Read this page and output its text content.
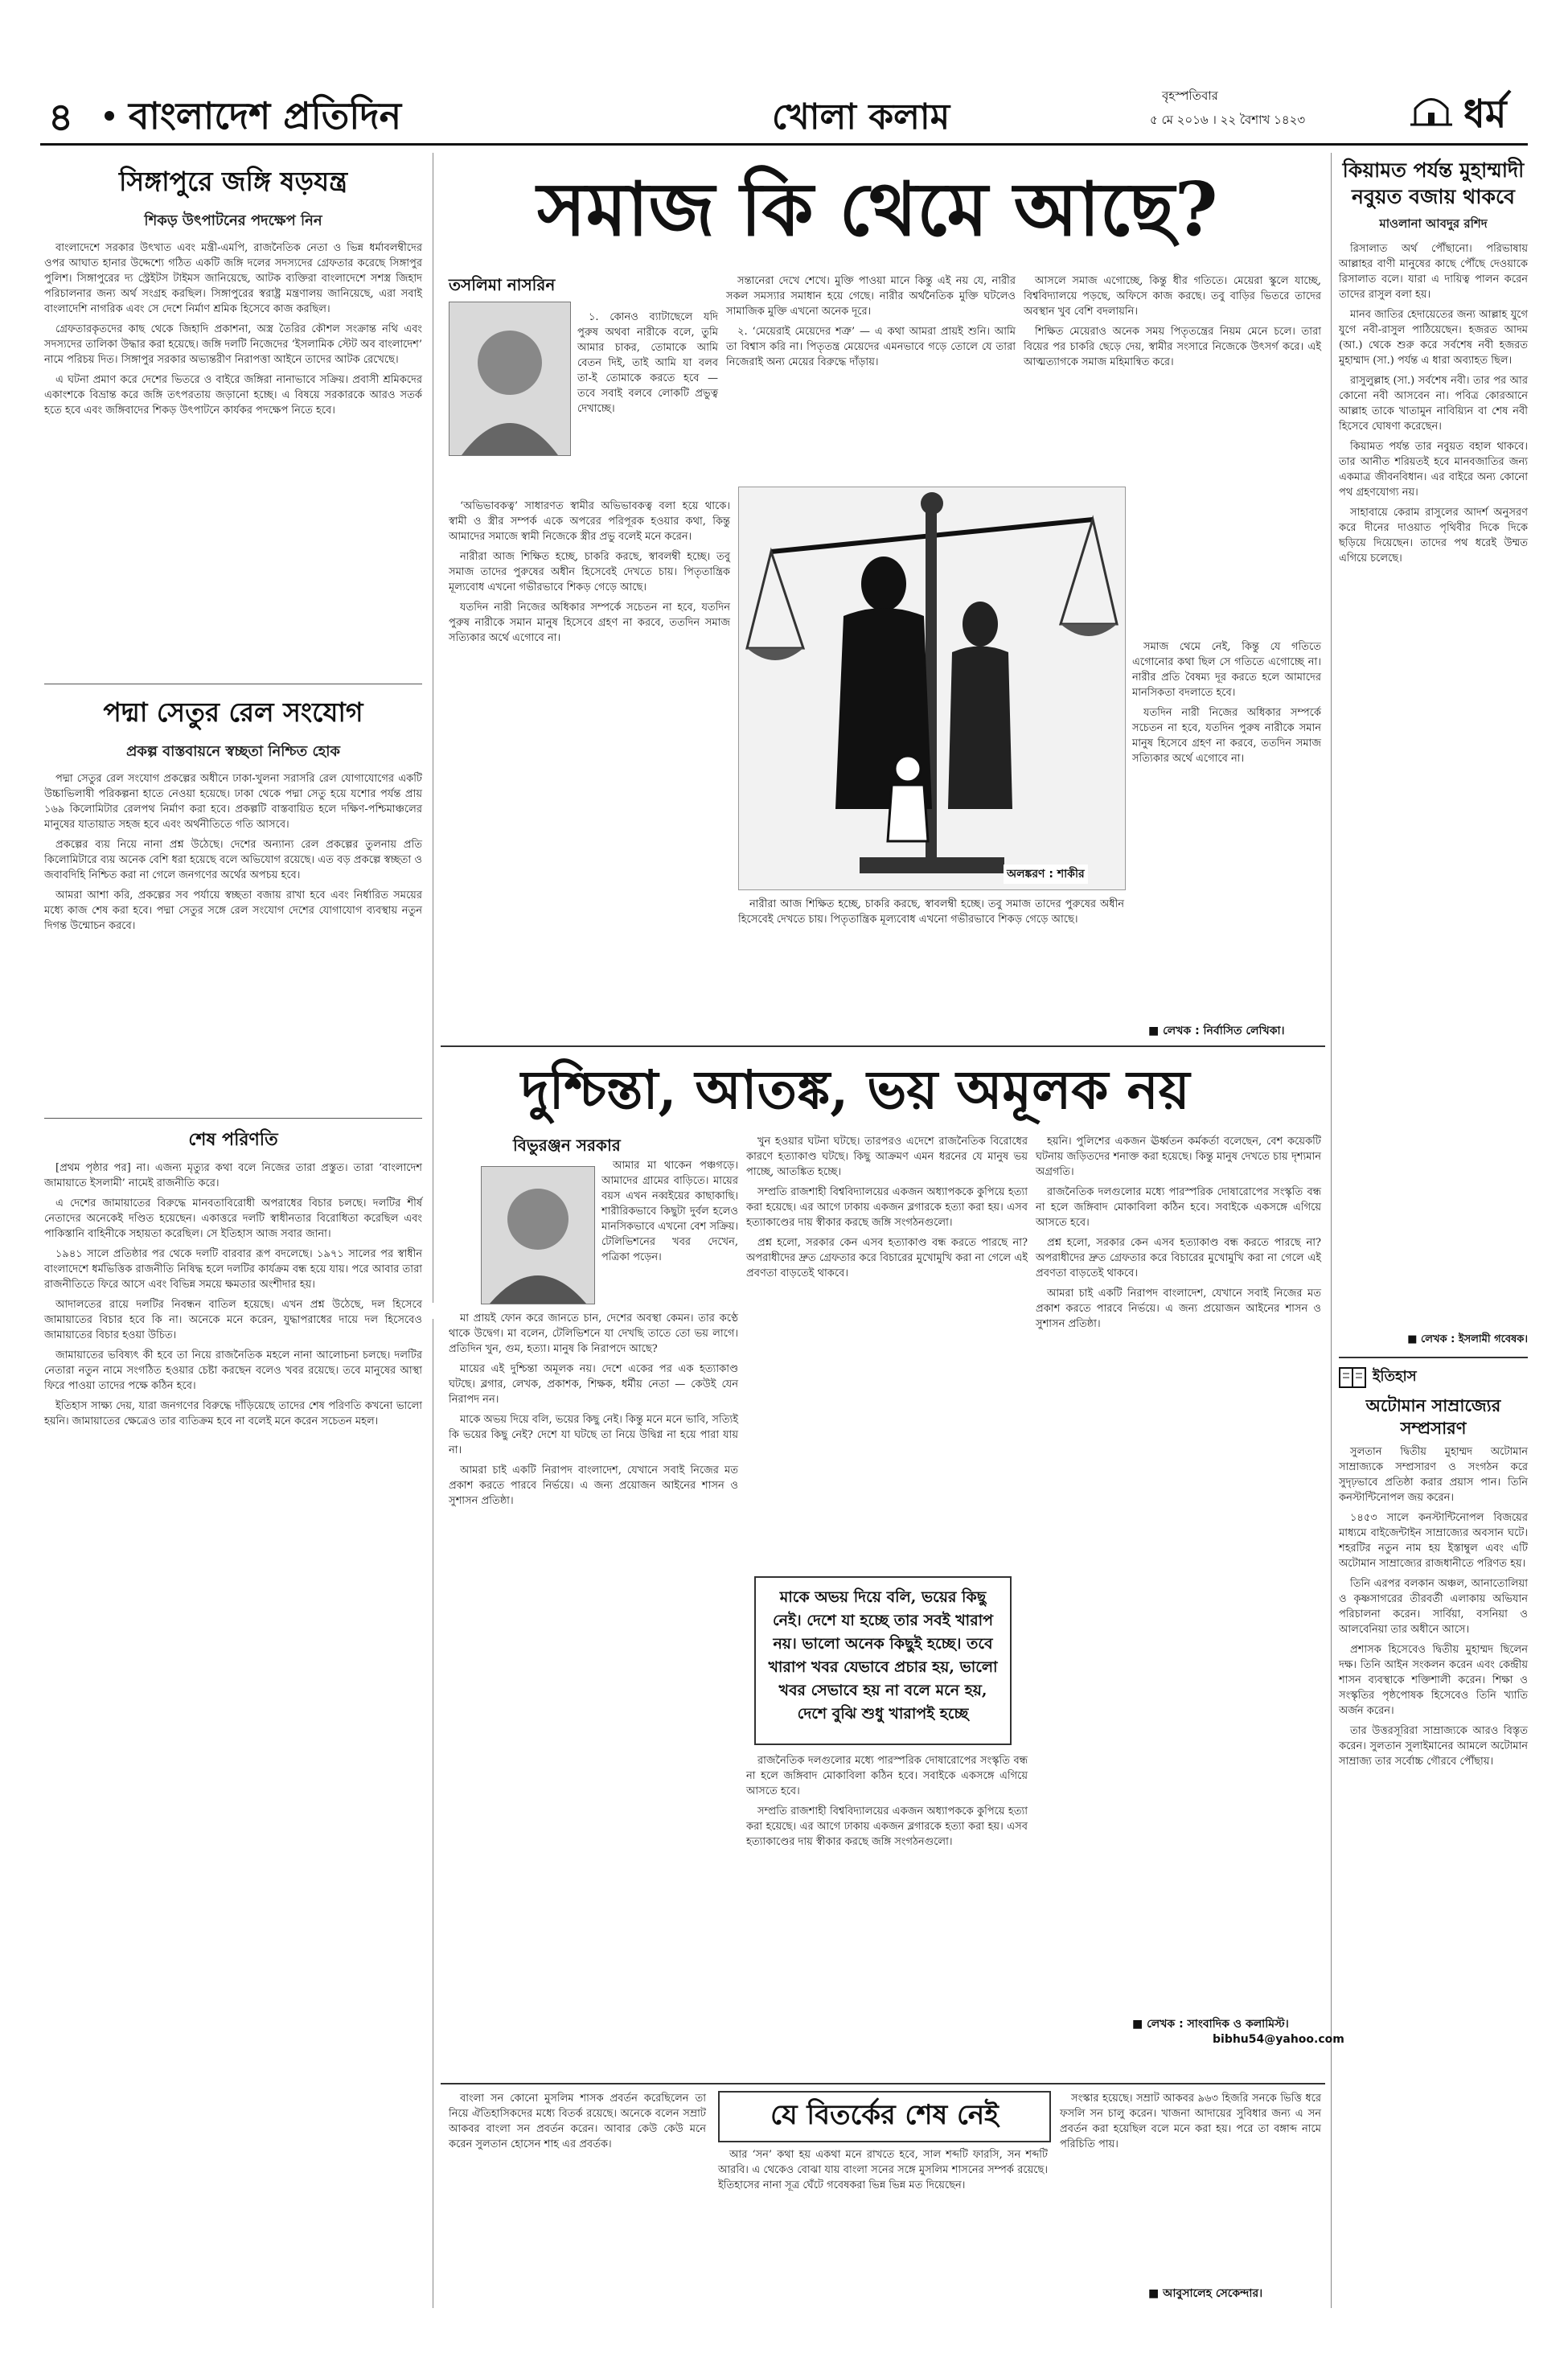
৪ বাংলাদেশ প্রতিদিন	খোলা কলাম
বৃহস্পতিবার
৫ মে ২০১৬ । ২২ বৈশাখ ১৪২৩	ধর্ম
সিঙ্গাপুরে জঙ্গি ষড়যন্ত্র
শিকড় উৎপাটনের পদক্ষেপ নিন

বাংলাদেশে সরকার উৎখাত এবং মন্ত্রী-এমপি, রাজনৈতিক নেতা ও ভিন্ন ধর্মাবলম্বীদের ওপর আঘাত হানার উদ্দেশ্যে গঠিত একটি জঙ্গি দলের সদস্যদের গ্রেফতার করেছে সিঙ্গাপুর পুলিশ। সিঙ্গাপুরের দ্য স্ট্রেইটস টাইমস জানিয়েছে, আটক ব্যক্তিরা বাংলাদেশে সশস্ত্র জিহাদ পরিচালনার জন্য অর্থ সংগ্রহ করছিল। সিঙ্গাপুরের স্বরাষ্ট্র মন্ত্রণালয় জানিয়েছে, এরা সবাই বাংলাদেশি নাগরিক এবং সে দেশে নির্মাণ শ্রমিক হিসেবে কাজ করছিল।

গ্রেফতারকৃতদের কাছ থেকে জিহাদি প্রকাশনা, অস্ত্র তৈরির কৌশল সংক্রান্ত নথি এবং সদস্যদের তালিকা উদ্ধার করা হয়েছে। জঙ্গি দলটি নিজেদের ‘ইসলামিক স্টেট অব বাংলাদেশ’ নামে পরিচয় দিত। সিঙ্গাপুর সরকার অভ্যন্তরীণ নিরাপত্তা আইনে তাদের আটক রেখেছে।

এ ঘটনা প্রমাণ করে দেশের ভিতরে ও বাইরে জঙ্গিরা নানাভাবে সক্রিয়। প্রবাসী শ্রমিকদের একাংশকে বিভ্রান্ত করে জঙ্গি তৎপরতায় জড়ানো হচ্ছে। এ বিষয়ে সরকারকে আরও সতর্ক হতে হবে এবং জঙ্গিবাদের শিকড় উৎপাটনে কার্যকর পদক্ষেপ নিতে হবে।

পদ্মা সেতুর রেল সংযোগ
প্রকল্প বাস্তবায়নে স্বচ্ছতা নিশ্চিত হোক

পদ্মা সেতুর রেল সংযোগ প্রকল্পের অধীনে ঢাকা-খুলনা সরাসরি রেল যোগাযোগের একটি উচ্চাভিলাষী পরিকল্পনা হাতে নেওয়া হয়েছে। ঢাকা থেকে পদ্মা সেতু হয়ে যশোর পর্যন্ত প্রায় ১৬৯ কিলোমিটার রেলপথ নির্মাণ করা হবে। প্রকল্পটি বাস্তবায়িত হলে দক্ষিণ-পশ্চিমাঞ্চলের মানুষের যাতায়াত সহজ হবে এবং অর্থনীতিতে গতি আসবে।

প্রকল্পের ব্যয় নিয়ে নানা প্রশ্ন উঠেছে। দেশের অন্যান্য রেল প্রকল্পের তুলনায় প্রতি কিলোমিটারে ব্যয় অনেক বেশি ধরা হয়েছে বলে অভিযোগ রয়েছে। এত বড় প্রকল্পে স্বচ্ছতা ও জবাবদিহি নিশ্চিত করা না গেলে জনগণের অর্থের অপচয় হবে।

আমরা আশা করি, প্রকল্পের সব পর্যায়ে স্বচ্ছতা বজায় রাখা হবে এবং নির্ধারিত সময়ের মধ্যে কাজ শেষ করা হবে। পদ্মা সেতুর সঙ্গে রেল সংযোগ দেশের যোগাযোগ ব্যবস্থায় নতুন দিগন্ত উন্মোচন করবে।

শেষ পরিণতি

[প্রথম পৃষ্ঠার পর] না। এজন্য মৃত্যুর কথা বলে নিজের তারা প্রস্তুত। তারা ‘বাংলাদেশ জামায়াতে ইসলামী’ নামেই রাজনীতি করে।

এ দেশের জামায়াতের বিরুদ্ধে মানবতাবিরোধী অপরাধের বিচার চলছে। দলটির শীর্ষ নেতাদের অনেকেই দণ্ডিত হয়েছেন। একাত্তরে দলটি স্বাধীনতার বিরোধিতা করেছিল এবং পাকিস্তানি বাহিনীকে সহায়তা করেছিল। সে ইতিহাস আজ সবার জানা।

১৯৪১ সালে প্রতিষ্ঠার পর থেকে দলটি বারবার রূপ বদলেছে। ১৯৭১ সালের পর স্বাধীন বাংলাদেশে ধর্মভিত্তিক রাজনীতি নিষিদ্ধ হলে দলটির কার্যক্রম বন্ধ হয়ে যায়। পরে আবার তারা রাজনীতিতে ফিরে আসে এবং বিভিন্ন সময়ে ক্ষমতার অংশীদার হয়।

আদালতের রায়ে দলটির নিবন্ধন বাতিল হয়েছে। এখন প্রশ্ন উঠেছে, দল হিসেবে জামায়াতের বিচার হবে কি না। অনেকে মনে করেন, যুদ্ধাপরাধের দায়ে দল হিসেবেও জামায়াতের বিচার হওয়া উচিত।

জামায়াতের ভবিষ্যৎ কী হবে তা নিয়ে রাজনৈতিক মহলে নানা আলোচনা চলছে। দলটির নেতারা নতুন নামে সংগঠিত হওয়ার চেষ্টা করছেন বলেও খবর রয়েছে। তবে মানুষের আস্থা ফিরে পাওয়া তাদের পক্ষে কঠিন হবে।

ইতিহাস সাক্ষ্য দেয়, যারা জনগণের বিরুদ্ধে দাঁড়িয়েছে তাদের শেষ পরিণতি কখনো ভালো হয়নি। জামায়াতের ক্ষেত্রেও তার ব্যতিক্রম হবে না বলেই মনে করেন সচেতন মহল।

সমাজ কি থেমে আছে?
তসলিমা নাসরিন

১. কোনও ব্যাটাছেলে যদি পুরুষ অথবা নারীকে বলে, তুমি আমার চাকর, তোমাকে আমি বেতন দিই, তাই আমি যা বলব তা-ই তোমাকে করতে হবে — তবে সবাই বলবে লোকটি প্রভুত্ব দেখাচ্ছে।

সন্তানেরা দেখে শেখে। মুক্তি পাওয়া মানে কিন্তু এই নয় যে, নারীর সকল সমস্যার সমাধান হয়ে গেছে। নারীর অর্থনৈতিক মুক্তি ঘটলেও সামাজিক মুক্তি এখনো অনেক দূরে।

২. ‘মেয়েরাই মেয়েদের শত্রু’ — এ কথা আমরা প্রায়ই শুনি। আমি তা বিশ্বাস করি না। পিতৃতন্ত্র মেয়েদের এমনভাবে গড়ে তোলে যে তারা নিজেরাই অন্য মেয়ের বিরুদ্ধে দাঁড়ায়।

আসলে সমাজ এগোচ্ছে, কিন্তু ধীর গতিতে। মেয়েরা স্কুলে যাচ্ছে, বিশ্ববিদ্যালয়ে পড়ছে, অফিসে কাজ করছে। তবু বাড়ির ভিতরে তাদের অবস্থান খুব বেশি বদলায়নি।

শিক্ষিত মেয়েরাও অনেক সময় পিতৃতন্ত্রের নিয়ম মেনে চলে। তারা বিয়ের পর চাকরি ছেড়ে দেয়, স্বামীর সংসারে নিজেকে উৎসর্গ করে। এই আত্মত্যাগকে সমাজ মহিমান্বিত করে।

অলঙ্করণ : শাকীর

‘অভিভাবকত্ব’ সাধারণত স্বামীর অভিভাবকত্ব বলা হয়ে থাকে। স্বামী ও স্ত্রীর সম্পর্ক একে অপরের পরিপূরক হওয়ার কথা, কিন্তু আমাদের সমাজে স্বামী নিজেকে স্ত্রীর প্রভু বলেই মনে করেন।

নারীরা আজ শিক্ষিত হচ্ছে, চাকরি করছে, স্বাবলম্বী হচ্ছে। তবু সমাজ তাদের পুরুষের অধীন হিসেবেই দেখতে চায়। পিতৃতান্ত্রিক মূল্যবোধ এখনো গভীরভাবে শিকড় গেড়ে আছে।

যতদিন নারী নিজের অধিকার সম্পর্কে সচেতন না হবে, যতদিন পুরুষ নারীকে সমান মানুষ হিসেবে গ্রহণ না করবে, ততদিন সমাজ সত্যিকার অর্থে এগোবে না।

সমাজ থেমে নেই, কিন্তু যে গতিতে এগোনোর কথা ছিল সে গতিতে এগোচ্ছে না। নারীর প্রতি বৈষম্য দূর করতে হলে আমাদের মানসিকতা বদলাতে হবে।

যতদিন নারী নিজের অধিকার সম্পর্কে সচেতন না হবে, যতদিন পুরুষ নারীকে সমান মানুষ হিসেবে গ্রহণ না করবে, ততদিন সমাজ সত্যিকার অর্থে এগোবে না।

নারীরা আজ শিক্ষিত হচ্ছে, চাকরি করছে, স্বাবলম্বী হচ্ছে। তবু সমাজ তাদের পুরুষের অধীন হিসেবেই দেখতে চায়। পিতৃতান্ত্রিক মূল্যবোধ এখনো গভীরভাবে শিকড় গেড়ে আছে।

■ লেখক : নির্বাসিত লেখিকা।
দুশ্চিন্তা, আতঙ্ক, ভয় অমূলক নয়
বিভুরঞ্জন সরকার

আমার মা থাকেন পঞ্চগড়ে। আমাদের গ্রামের বাড়িতে। মায়ের বয়স এখন নব্বইয়ের কাছাকাছি। শারীরিকভাবে কিছুটা দুর্বল হলেও মানসিকভাবে এখনো বেশ সক্রিয়। টেলিভিশনের খবর দেখেন, পত্রিকা পড়েন।

মা প্রায়ই ফোন করে জানতে চান, দেশের অবস্থা কেমন। তার কণ্ঠে থাকে উদ্বেগ। মা বলেন, টেলিভিশনে যা দেখছি তাতে তো ভয় লাগে। প্রতিদিন খুন, গুম, হত্যা। মানুষ কি নিরাপদে আছে?

মায়ের এই দুশ্চিন্তা অমূলক নয়। দেশে একের পর এক হত্যাকাণ্ড ঘটছে। ব্লগার, লেখক, প্রকাশক, শিক্ষক, ধর্মীয় নেতা — কেউই যেন নিরাপদ নন।

মাকে অভয় দিয়ে বলি, ভয়ের কিছু নেই। কিন্তু মনে মনে ভাবি, সত্যিই কি ভয়ের কিছু নেই? দেশে যা ঘটছে তা নিয়ে উদ্বিগ্ন না হয়ে পারা যায় না।

আমরা চাই একটি নিরাপদ বাংলাদেশ, যেখানে সবাই নিজের মত প্রকাশ করতে পারবে নির্ভয়ে। এ জন্য প্রয়োজন আইনের শাসন ও সুশাসন প্রতিষ্ঠা।

খুন হওয়ার ঘটনা ঘটছে। তারপরও এদেশে রাজনৈতিক বিরোধের কারণে হত্যাকাণ্ড ঘটছে। কিছু আক্রমণ এমন ধরনের যে মানুষ ভয় পাচ্ছে, আতঙ্কিত হচ্ছে।

সম্প্রতি রাজশাহী বিশ্ববিদ্যালয়ের একজন অধ্যাপককে কুপিয়ে হত্যা করা হয়েছে। এর আগে ঢাকায় একজন ব্লগারকে হত্যা করা হয়। এসব হত্যাকাণ্ডের দায় স্বীকার করছে জঙ্গি সংগঠনগুলো।

প্রশ্ন হলো, সরকার কেন এসব হত্যাকাণ্ড বন্ধ করতে পারছে না? অপরাধীদের দ্রুত গ্রেফতার করে বিচারের মুখোমুখি করা না গেলে এই প্রবণতা বাড়তেই থাকবে।

মাকে অভয় দিয়ে বলি, ভয়ের কিছু নেই। দেশে যা হচ্ছে তার সবই খারাপ নয়। ভালো অনেক কিছুই হচ্ছে। তবে খারাপ খবর যেভাবে প্রচার হয়, ভালো খবর সেভাবে হয় না বলে মনে হয়, দেশে বুঝি শুধু খারাপই হচ্ছে

রাজনৈতিক দলগুলোর মধ্যে পারস্পরিক দোষারোপের সংস্কৃতি বন্ধ না হলে জঙ্গিবাদ মোকাবিলা কঠিন হবে। সবাইকে একসঙ্গে এগিয়ে আসতে হবে।

সম্প্রতি রাজশাহী বিশ্ববিদ্যালয়ের একজন অধ্যাপককে কুপিয়ে হত্যা করা হয়েছে। এর আগে ঢাকায় একজন ব্লগারকে হত্যা করা হয়। এসব হত্যাকাণ্ডের দায় স্বীকার করছে জঙ্গি সংগঠনগুলো।

হয়নি। পুলিশের একজন ঊর্ধ্বতন কর্মকর্তা বলেছেন, বেশ কয়েকটি ঘটনায় জড়িতদের শনাক্ত করা হয়েছে। কিন্তু মানুষ দেখতে চায় দৃশ্যমান অগ্রগতি।

রাজনৈতিক দলগুলোর মধ্যে পারস্পরিক দোষারোপের সংস্কৃতি বন্ধ না হলে জঙ্গিবাদ মোকাবিলা কঠিন হবে। সবাইকে একসঙ্গে এগিয়ে আসতে হবে।

প্রশ্ন হলো, সরকার কেন এসব হত্যাকাণ্ড বন্ধ করতে পারছে না? অপরাধীদের দ্রুত গ্রেফতার করে বিচারের মুখোমুখি করা না গেলে এই প্রবণতা বাড়তেই থাকবে।

আমরা চাই একটি নিরাপদ বাংলাদেশ, যেখানে সবাই নিজের মত প্রকাশ করতে পারবে নির্ভয়ে। এ জন্য প্রয়োজন আইনের শাসন ও সুশাসন প্রতিষ্ঠা।

■ লেখক : সাংবাদিক ও কলামিস্ট।
bibhu54@yahoo.com

বাংলা সন কোনো মুসলিম শাসক প্রবর্তন করেছিলেন তা নিয়ে ঐতিহাসিকদের মধ্যে বিতর্ক রয়েছে। অনেকে বলেন সম্রাট আকবর বাংলা সন প্রবর্তন করেন। আবার কেউ কেউ মনে করেন সুলতান হোসেন শাহ এর প্রবর্তক।

যে বিতর্কের শেষ নেই

আর ‘সন’ কথা হয় একথা মনে রাখতে হবে, সাল শব্দটি ফারসি, সন শব্দটি আরবি। এ থেকেও বোঝা যায় বাংলা সনের সঙ্গে মুসলিম শাসনের সম্পর্ক রয়েছে। ইতিহাসের নানা সূত্র ঘেঁটে গবেষকরা ভিন্ন ভিন্ন মত দিয়েছেন।

সংস্কার হয়েছে। সম্রাট আকবর ৯৬৩ হিজরি সনকে ভিত্তি ধরে ফসলি সন চালু করেন। খাজনা আদায়ের সুবিধার জন্য এ সন প্রবর্তন করা হয়েছিল বলে মনে করা হয়। পরে তা বঙ্গাব্দ নামে পরিচিতি পায়।

■ আবুসালেহ সেকেন্দার।
কিয়ামত পর্যন্ত মুহাম্মাদী নবুয়ত বজায় থাকবে
মাওলানা আবদুর রশিদ

রিসালাত অর্থ পৌঁছানো। পরিভাষায় আল্লাহর বাণী মানুষের কাছে পৌঁছে দেওয়াকে রিসালাত বলে। যারা এ দায়িত্ব পালন করেন তাদের রাসুল বলা হয়।

মানব জাতির হেদায়েতের জন্য আল্লাহ যুগে যুগে নবী-রাসুল পাঠিয়েছেন। হজরত আদম (আ.) থেকে শুরু করে সর্বশেষ নবী হজরত মুহাম্মাদ (সা.) পর্যন্ত এ ধারা অব্যাহত ছিল।

রাসুলুল্লাহ (সা.) সর্বশেষ নবী। তার পর আর কোনো নবী আসবেন না। পবিত্র কোরআনে আল্লাহ তাকে খাতামুন নাবিয়্যিন বা শেষ নবী হিসেবে ঘোষণা করেছেন।

কিয়ামত পর্যন্ত তার নবুয়ত বহাল থাকবে। তার আনীত শরিয়তই হবে মানবজাতির জন্য একমাত্র জীবনবিধান। এর বাইরে অন্য কোনো পথ গ্রহণযোগ্য নয়।

সাহাবায়ে কেরাম রাসুলের আদর্শ অনুসরণ করে দীনের দাওয়াত পৃথিবীর দিকে দিকে ছড়িয়ে দিয়েছেন। তাদের পথ ধরেই উম্মত এগিয়ে চলেছে।

■ লেখক : ইসলামী গবেষক।
ইতিহাস
অটোমান সাম্রাজ্যের সম্প্রসারণ

সুলতান দ্বিতীয় মুহাম্মদ অটোমান সাম্রাজ্যকে সম্প্রসারণ ও সংগঠন করে সুদৃঢ়ভাবে প্রতিষ্ঠা করার প্রয়াস পান। তিনি কনস্টান্টিনোপল জয় করেন।

১৪৫৩ সালে কনস্টান্টিনোপল বিজয়ের মাধ্যমে বাইজেন্টাইন সাম্রাজ্যের অবসান ঘটে। শহরটির নতুন নাম হয় ইস্তাম্বুল এবং এটি অটোমান সাম্রাজ্যের রাজধানীতে পরিণত হয়।

তিনি এরপর বলকান অঞ্চল, আনাতোলিয়া ও কৃষ্ণসাগরের তীরবর্তী এলাকায় অভিযান পরিচালনা করেন। সার্বিয়া, বসনিয়া ও আলবেনিয়া তার অধীনে আসে।

প্রশাসক হিসেবেও দ্বিতীয় মুহাম্মদ ছিলেন দক্ষ। তিনি আইন সংকলন করেন এবং কেন্দ্রীয় শাসন ব্যবস্থাকে শক্তিশালী করেন। শিক্ষা ও সংস্কৃতির পৃষ্ঠপোষক হিসেবেও তিনি খ্যাতি অর্জন করেন।

তার উত্তরসূরিরা সাম্রাজ্যকে আরও বিস্তৃত করেন। সুলতান সুলাইমানের আমলে অটোমান সাম্রাজ্য তার সর্বোচ্চ গৌরবে পৌঁছায়।
